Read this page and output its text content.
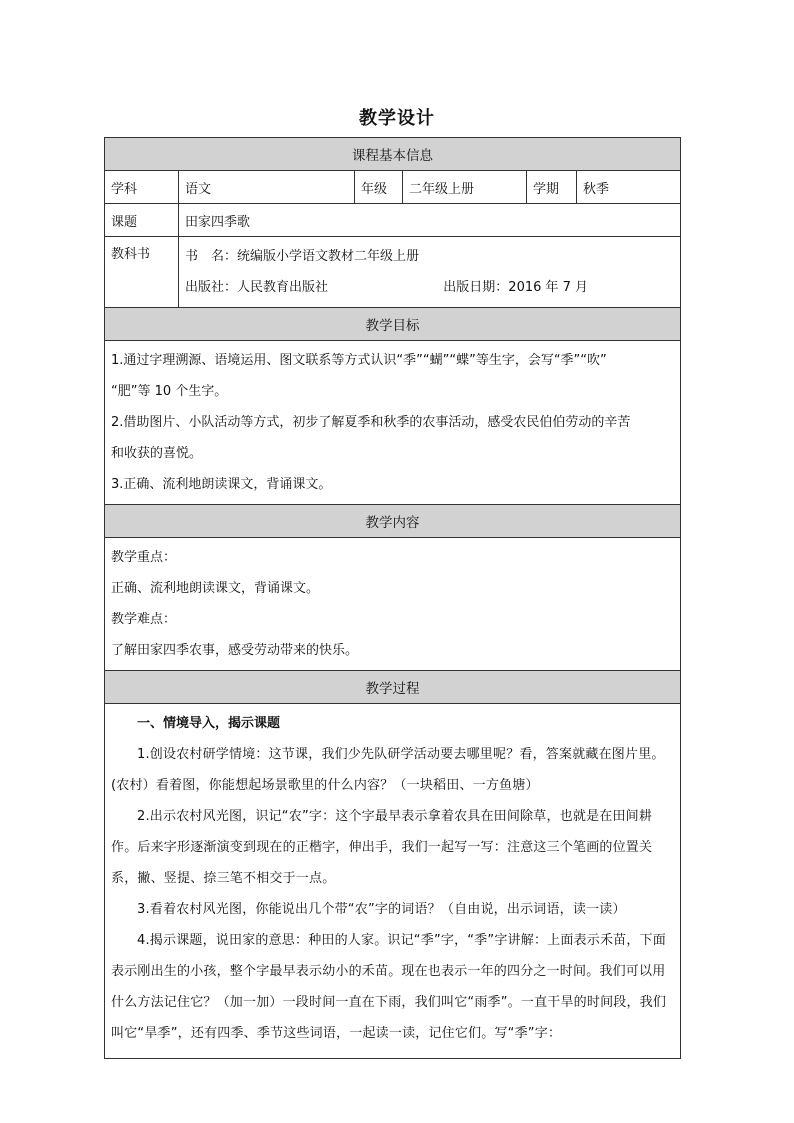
教学设计
课程基本信息					
学科	语文	年级	二年级上册	学期	秋季
课题	田家四季歌				
教科书	书　名：统编版小学语文教材二年级上册
出版社：人民教育出版社 出版日期：2016 年 7 月				

教学目标					

1.通过字理溯源、语境运用、图文联系等方式认识“季”“蝴”“蝶”等生字，会写“季”“吹”
“肥”等 10 个生字。
2.借助图片、小队活动等方式，初步了解夏季和秋季的农事活动，感受农民伯伯劳动的辛苦
和收获的喜悦。
3.正确、流利地朗读课文，背诵课文。					

教学内容					

教学重点：
正确、流利地朗读课文，背诵课文。
教学难点：
了解田家四季农事，感受劳动带来的快乐。					

教学过程					

一、情境导入，揭示课题
1.创设农村研学情境：这节课，我们少先队研学活动要去哪里呢？看，答案就藏在图片里。(农村）看着图，你能想起场景歌里的什么内容？（一块稻田、一方鱼塘）
2.出示农村风光图，识记“农”字：这个字最早表示拿着农具在田间除草，也就是在田间耕作。后来字形逐渐演变到现在的正楷字，伸出手，我们一起写一写：注意这三个笔画的位置关系，撇、竖提、捺三笔不相交于一点。
3.看着农村风光图，你能说出几个带“农”字的词语？（自由说，出示词语，读一读）
4.揭示课题，说田家的意思：种田的人家。识记“季”字，“季”字讲解：上面表示禾苗，下面表示刚出生的小孩，整个字最早表示幼小的禾苗。现在也表示一年的四分之一时间。我们可以用什么方法记住它？（加一加）一段时间一直在下雨，我们叫它“雨季”。一直干旱的时间段，我们叫它“旱季”，还有四季、季节这些词语，一起读一读，记住它们。写“季”字：					
